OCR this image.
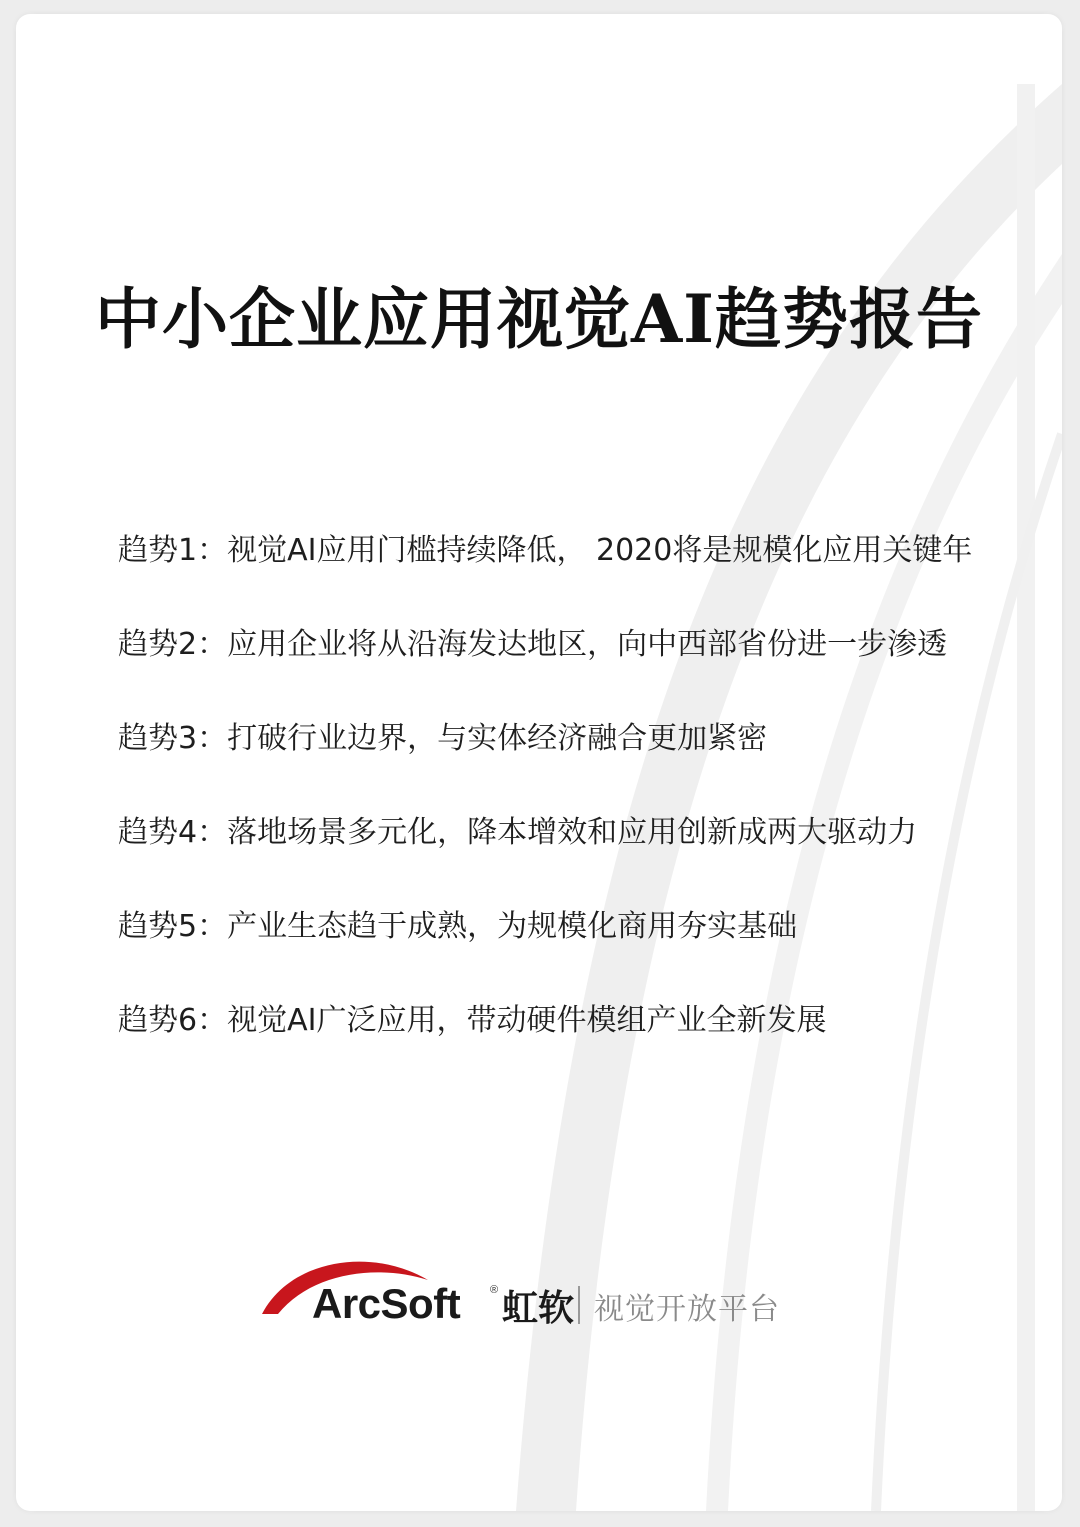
中小企业应用视觉AI趋势报告
趋势1：视觉AI应用门槛持续降低， 2020将是规模化应用关键年
趋势2：应用企业将从沿海发达地区，向中西部省份进一步渗透
趋势3：打破行业边界，与实体经济融合更加紧密
趋势4：落地场景多元化，降本增效和应用创新成两大驱动力
趋势5：产业生态趋于成熟，为规模化商用夯实基础
趋势6：视觉AI广泛应用，带动硬件模组产业全新发展
ArcSoft	® 虹软 视觉开放平台
